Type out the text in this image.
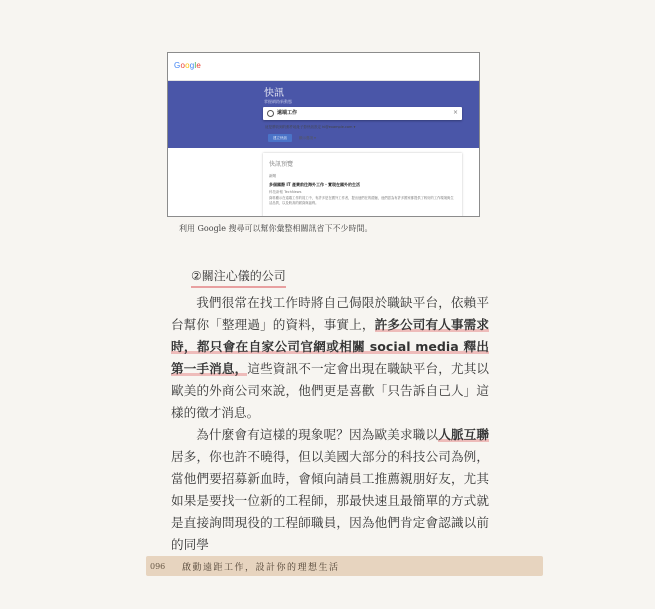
Google
快訊
掌握網路新動態
遠端工作	×
這是將收到的郵件地址子影快訊設定 hi@example.com ▾
建立快訊	顯示選項 ▾
快訊預覽
新聞
多個國際 IT 產業前往海外工作・實現在國外的生活
科技新報 TechNews
資料顯示在遠端工作的員工中，有許多是在國外工作者，提出他們在的經驗，他們認為有許多國家都提供了較好的工作環境與生活品質，以及較高的薪資與福利。
利用 Google 搜尋可以幫你彙整相關訊省下不少時間。
②關注心儀的公司

我們很常在找工作時將自己侷限於職缺平台，依賴平台幫你「整理過」的資料，事實上，許多公司有人事需求時，都只會在自家公司官網或相關 social media 釋出第一手消息，這些資訊不一定會出現在職缺平台，尤其以歐美的外商公司來說，他們更是喜歡「只告訴自己人」這樣的徵才消息。

為什麼會有這樣的現象呢？因為歐美求職以人脈互聯居多，你也許不曉得，但以美國大部分的科技公司為例，當他們要招募新血時，會傾向請員工推薦親朋好友，尤其如果是要找一位新的工程師，那最快速且最簡單的方式就是直接詢問現役的工程師職員，因為他們肯定會認識以前的同學

096 啟動遠距工作，設計你的理想生活
